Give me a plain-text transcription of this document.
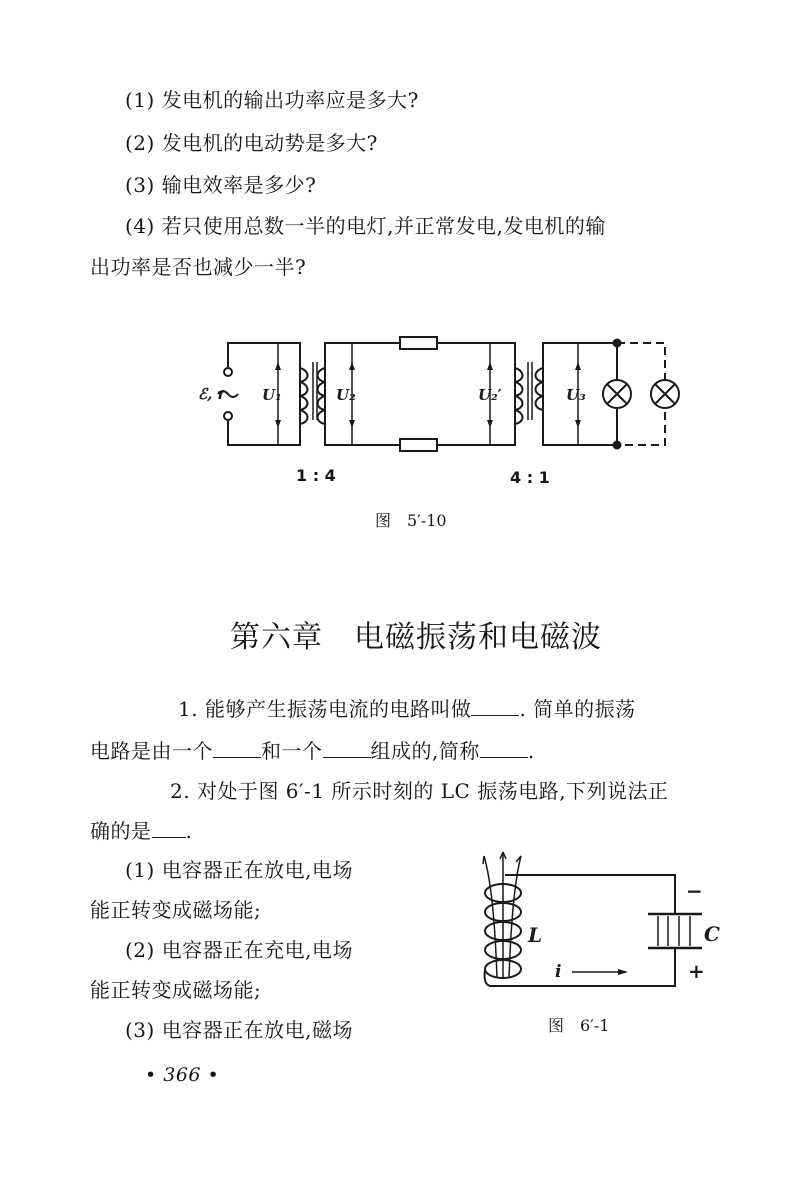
(1) 发电机的输出功率应是多大?
(2) 发电机的电动势是多大?
(3) 输电效率是多少?
(4) 若只使用总数一半的电灯,并正常发电,发电机的输
出功率是否也减少一半?
ℰ, r U₁	U₂	U₂′	U₃
L	C
−
+
i
1 : 4	4 : 1
图　5′-10
第六章　电磁振荡和电磁波
1. 能够产生振荡电流的电路叫做 . 简单的振荡
电路是由一个 和一个 组成的,简称 .
2. 对处于图 6′-1 所示时刻的 LC 振荡电路,下列说法正
确的是 .
(1) 电容器正在放电,电场
能正转变成磁场能;
(2) 电容器正在充电,电场
能正转变成磁场能;
(3) 电容器正在放电,磁场	图　6′-1
• 366 •
